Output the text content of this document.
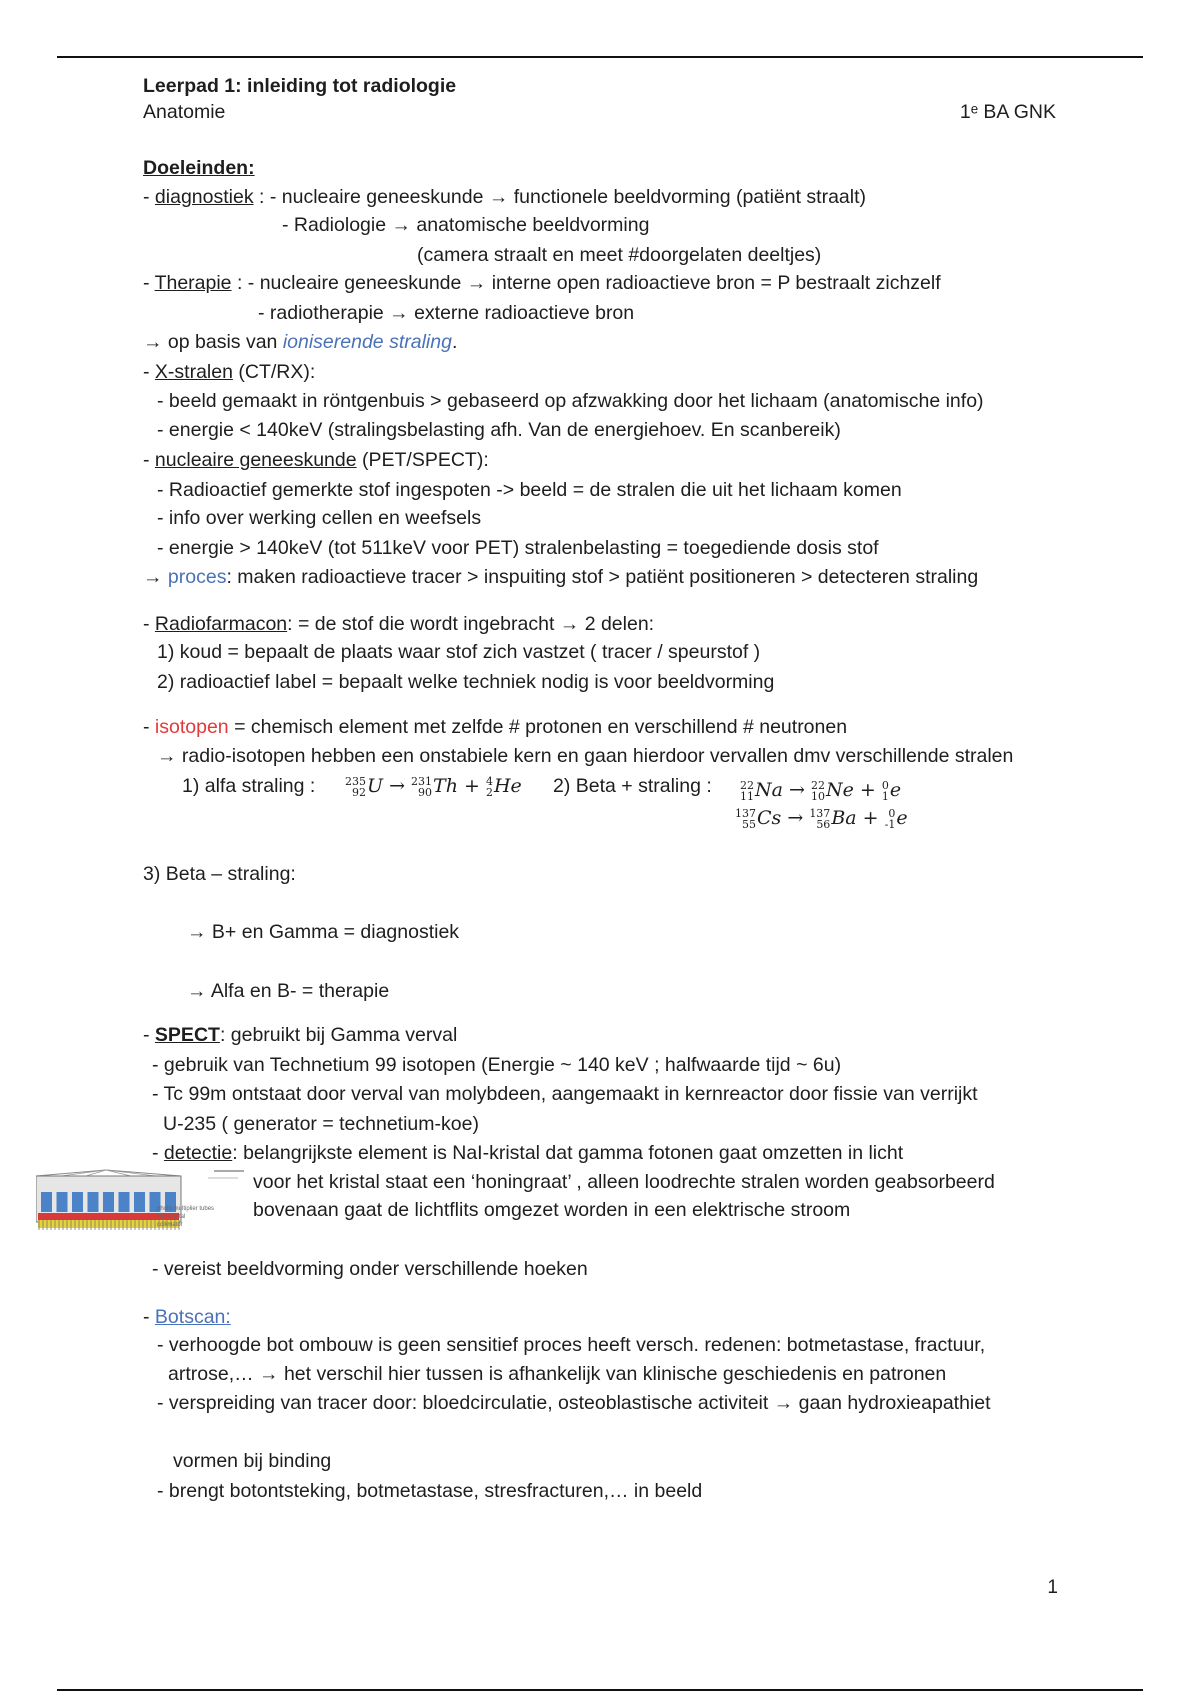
Leerpad 1: inleiding tot radiologie
Anatomie	1ᵉ BA GNK
Doeleinden:
- diagnostiek : - nucleaire geneeskunde → functionele beeldvorming (patiënt straalt)
- Radiologie → anatomische beeldvorming
(camera straalt en meet #doorgelaten deeltjes)
- Therapie : - nucleaire geneeskunde → interne open radioactieve bron = P bestraalt zichzelf
- radiotherapie → externe radioactieve bron
→ op basis van ioniserende straling.
- X-stralen (CT/RX):
- beeld gemaakt in röntgenbuis > gebaseerd op afzwakking door het lichaam (anatomische info)
- energie < 140keV (stralingsbelasting afh. Van de energiehoev. En scanbereik)
- nucleaire geneeskunde (PET/SPECT):
- Radioactief gemerkte stof ingespoten -> beeld = de stralen die uit het lichaam komen
- info over werking cellen en weefsels
- energie > 140keV (tot 511keV voor PET) stralenbelasting = toegediende dosis stof
→ proces: maken radioactieve tracer > inspuiting stof > patiënt positioneren > detecteren straling
- Radiofarmacon: = de stof die wordt ingebracht → 2 delen:
1) koud = bepaalt de plaats waar stof zich vastzet ( tracer / speurstof )
2) radioactief label = bepaalt welke techniek nodig is voor beeldvorming
- isotopen = chemisch element met zelfde # protonen en verschillend # neutronen
→ radio-isotopen hebben een onstabiele kern en gaan hierdoor vervallen dmv verschillende stralen
1) alfa straling :	235
92 U → 231
90 Th + 4
2 He 2) Beta + straling :	22
11 Na → 22
10 Ne + 0
1 e
137
55 Cs → 137
56 Ba + 0
-1 e
3) Beta – straling:
→ B+ en Gamma = diagnostiek
→ Alfa en B- = therapie
- SPECT: gebruikt bij Gamma verval
- gebruik van Technetium 99 isotopen (Energie ~ 140 keV ; halfwaarde tijd ~ 6u)
- Tc 99m ontstaat door verval van molybdeen, aangemaakt in kernreactor door fissie van verrijkt
U-235 ( generator = technetium-koe)
- detectie: belangrijkste element is NaI-kristal dat gamma fotonen gaat omzetten in licht
voor het kristal staat een ‘honingraat’ , alleen loodrechte stralen worden geabsorbeerd
bovenaan gaat de lichtflits omgezet worden in een elektrische stroom
photo multiplier tubes
NaI crystal
collimator
- vereist beeldvorming onder verschillende hoeken
- Botscan:
- verhoogde bot ombouw is geen sensitief proces heeft versch. redenen: botmetastase, fractuur,
artrose,… → het verschil hier tussen is afhankelijk van klinische geschiedenis en patronen
- verspreiding van tracer door: bloedcirculatie, osteoblastische activiteit → gaan hydroxieapathiet
vormen bij binding
- brengt botontsteking, botmetastase, stresfracturen,… in beeld
1
